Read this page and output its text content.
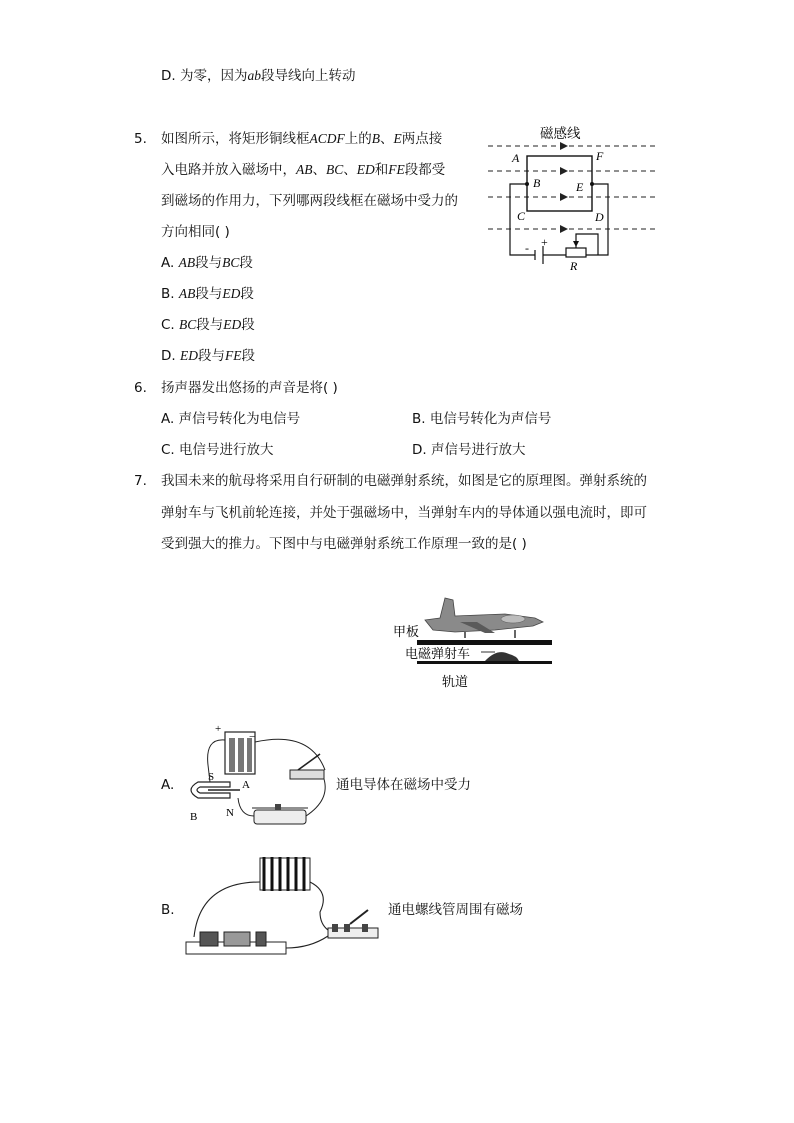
D. 为零，因为ab段导线向上转动
5. 如图所示，将矩形铜线框ACDF上的B、E两点接
入电路并放入磁场中，AB、BC、ED和FE段都受
到磁场的作用力，下列哪两段线框在磁场中受力的
方向相同( )
A. AB段与BC段
B. AB段与ED段
C. BC段与ED段
D. ED段与FE段
磁感线
A	F
B	E
C	D
R
- +
6. 扬声器发出悠扬的声音是将( )
A. 声信号转化为电信号	B. 电信号转化为声信号
C. 电信号进行放大	D. 声信号进行放大
7. 我国未来的航母将采用自行研制的电磁弹射系统，如图是它的原理图。弹射系统的
弹射车与飞机前轮连接，并处于强磁场中，当弹射车内的导体通以强电流时，即可
受到强大的推力。下图中与电磁弹射系统工作原理一致的是( )
甲板
电磁弹射车
轨道
A.
+
−
S
A
B	N
通电导体在磁场中受力
B.	通电螺线管周围有磁场
